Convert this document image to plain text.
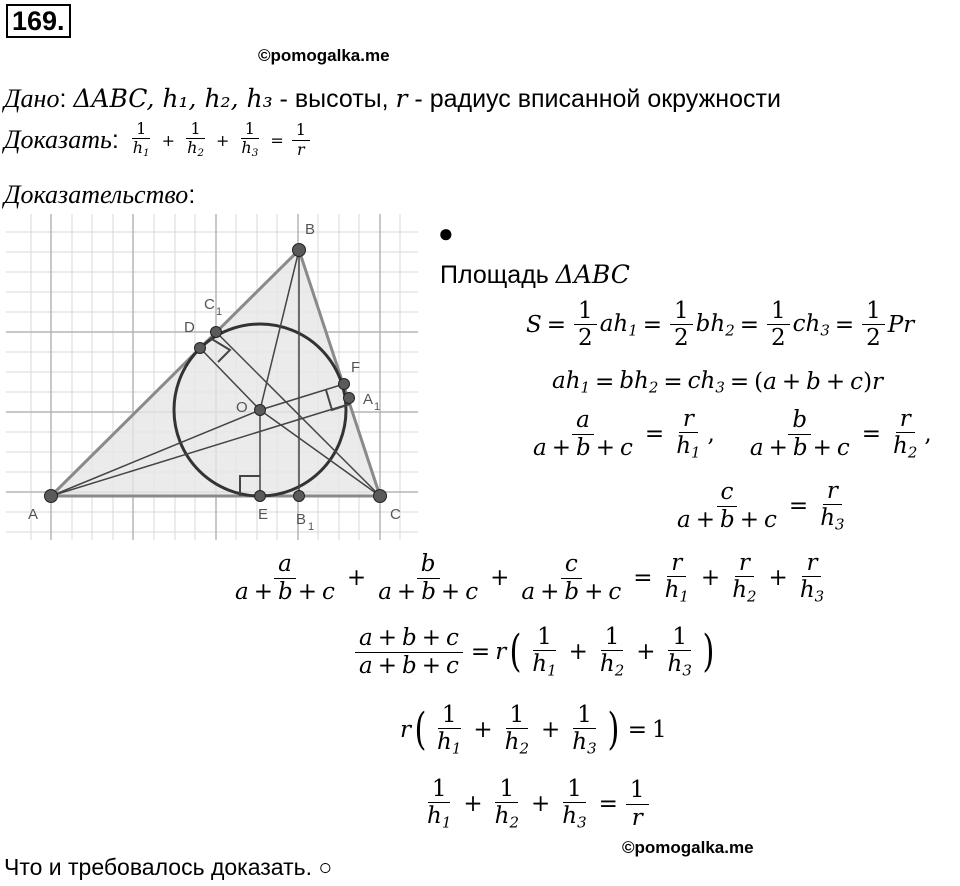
169.
©pomogalka.me
Дано: ΔABC, h₁, h₂, h₃ - высоты, r - радиус вписанной окружности
Доказать : $\frac{1}{h_1} + \frac{1}{h_2} + \frac{1}{h_3} = \frac{1}{r}$
Доказательство:
A
B
C
C 1
D
F
A 1
O
E B 1
●
Площадь ΔABC
$S = \frac{1}{2} ah_1 = \frac{1}{2} bh_2 = \frac{1}{2} ch_3 = \frac{1}{2}$ Pr
$ah_1 = bh_2 = ch_3$ = ( a + b + c ) r
$\frac{a}{a + b + c} = \frac{r}{h_1}$ , $\frac{b}{a + b + c} = \frac{r}{h_2}$ ,
$\frac{c}{a + b + c} = \frac{r}{h_3}$
$\frac{a}{a + b + c} + \frac{b}{a + b + c} + \frac{c}{a + b + c} = \frac{r}{h_1} + \frac{r}{h_2} + \frac{r}{h_3}$
$\frac{a + b + c}{a + b + c} = r$ ( $\frac{1}{h_1} + \frac{1}{h_2} + \frac{1}{h_3}$ )
r ( $\frac{1}{h_1} + \frac{1}{h_2} + \frac{1}{h_3}$ ) = 1
$\frac{1}{h_1} + \frac{1}{h_2} + \frac{1}{h_3} = \frac{1}{r}$
©pomogalka.me
Что и требовалось доказать. ○
